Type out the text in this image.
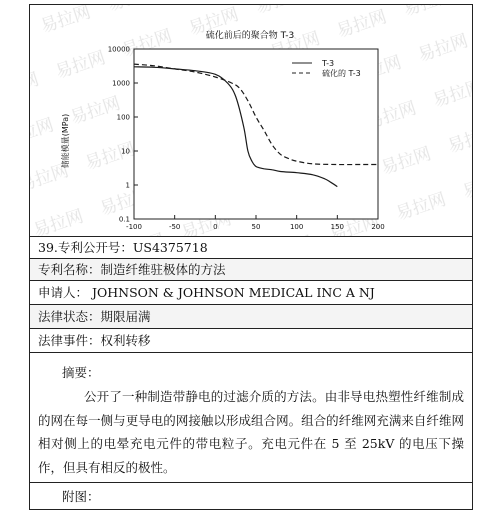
硫化前后的聚合物 T-3
储能模量(MPa)
-100	-50	0	50	100	150	200
10000
1000
100
10
1
0.1
T-3
硫化的 T-3
39.专利公开号：US4375718
专利名称：制造纤维驻极体的方法
申请人： JOHNSON & JOHNSON MEDICAL INC A NJ
法律状态：期限届满
法律事件：权利转移
摘要：

公开了一种制造带静电的过滤介质的方法。由非导电热塑性纤维制成的网在每一侧与更导电的网接触以形成组合网。组合的纤维网充满来自纤维网相对侧上的电晕充电元件的带电粒子。充电元件在 5 至 25kV 的电压下操作，但具有相反的极性。

附图：
